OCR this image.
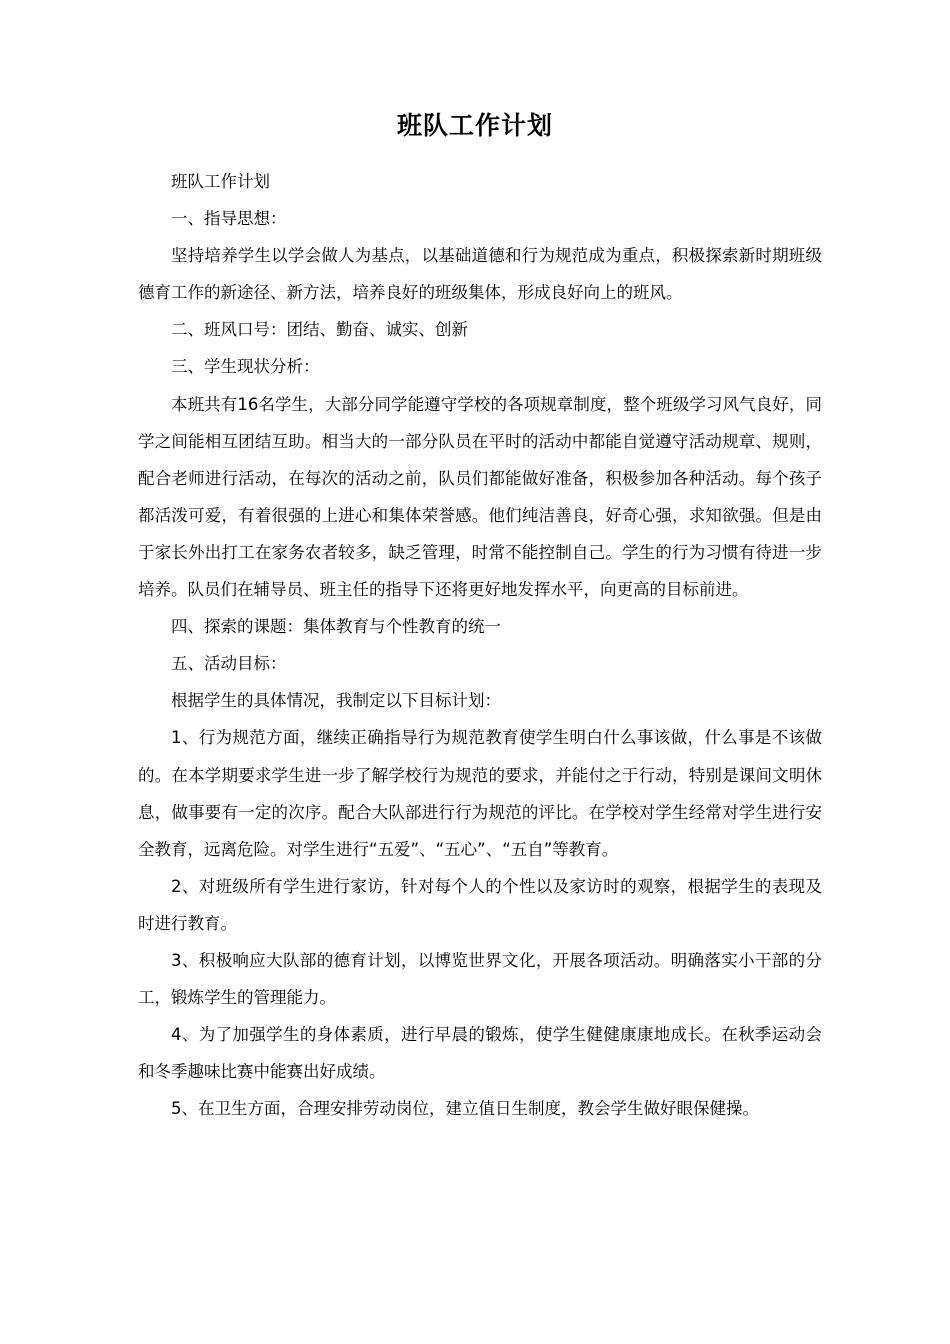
班队工作计划

班队工作计划

一、指导思想：

坚持培养学生以学会做人为基点，以基础道德和行为规范成为重点，积极探索新时期班级德育工作的新途径、新方法，培养良好的班级集体，形成良好向上的班风。

二、班风口号：团结、勤奋、诚实、创新

三、学生现状分析：

本班共有16名学生，大部分同学能遵守学校的各项规章制度，整个班级学习风气良好，同学之间能相互团结互助。相当大的一部分队员在平时的活动中都能自觉遵守活动规章、规则，配合老师进行活动，在每次的活动之前，队员们都能做好准备，积极参加各种活动。每个孩子都活泼可爱，有着很强的上进心和集体荣誉感。他们纯洁善良，好奇心强，求知欲强。但是由于家长外出打工在家务农者较多，缺乏管理，时常不能控制自己。学生的行为习惯有待进一步培养。队员们在辅导员、班主任的指导下还将更好地发挥水平，向更高的目标前进。

四、探索的课题：集体教育与个性教育的统一

五、活动目标：

根据学生的具体情况，我制定以下目标计划：

1、行为规范方面，继续正确指导行为规范教育使学生明白什么事该做，什么事是不该做的。在本学期要求学生进一步了解学校行为规范的要求，并能付之于行动，特别是课间文明休息，做事要有一定的次序。配合大队部进行行为规范的评比。在学校对学生经常对学生进行安全教育，远离危险。对学生进行“五爱”、“五心”、“五自”等教育。

2、对班级所有学生进行家访，针对每个人的个性以及家访时的观察，根据学生的表现及时进行教育。

3、积极响应大队部的德育计划，以博览世界文化，开展各项活动。明确落实小干部的分工，锻炼学生的管理能力。

4、为了加强学生的身体素质，进行早晨的锻炼，使学生健健康康地成长。在秋季运动会和冬季趣味比赛中能赛出好成绩。

5、在卫生方面，合理安排劳动岗位，建立值日生制度，教会学生做好眼保健操。
